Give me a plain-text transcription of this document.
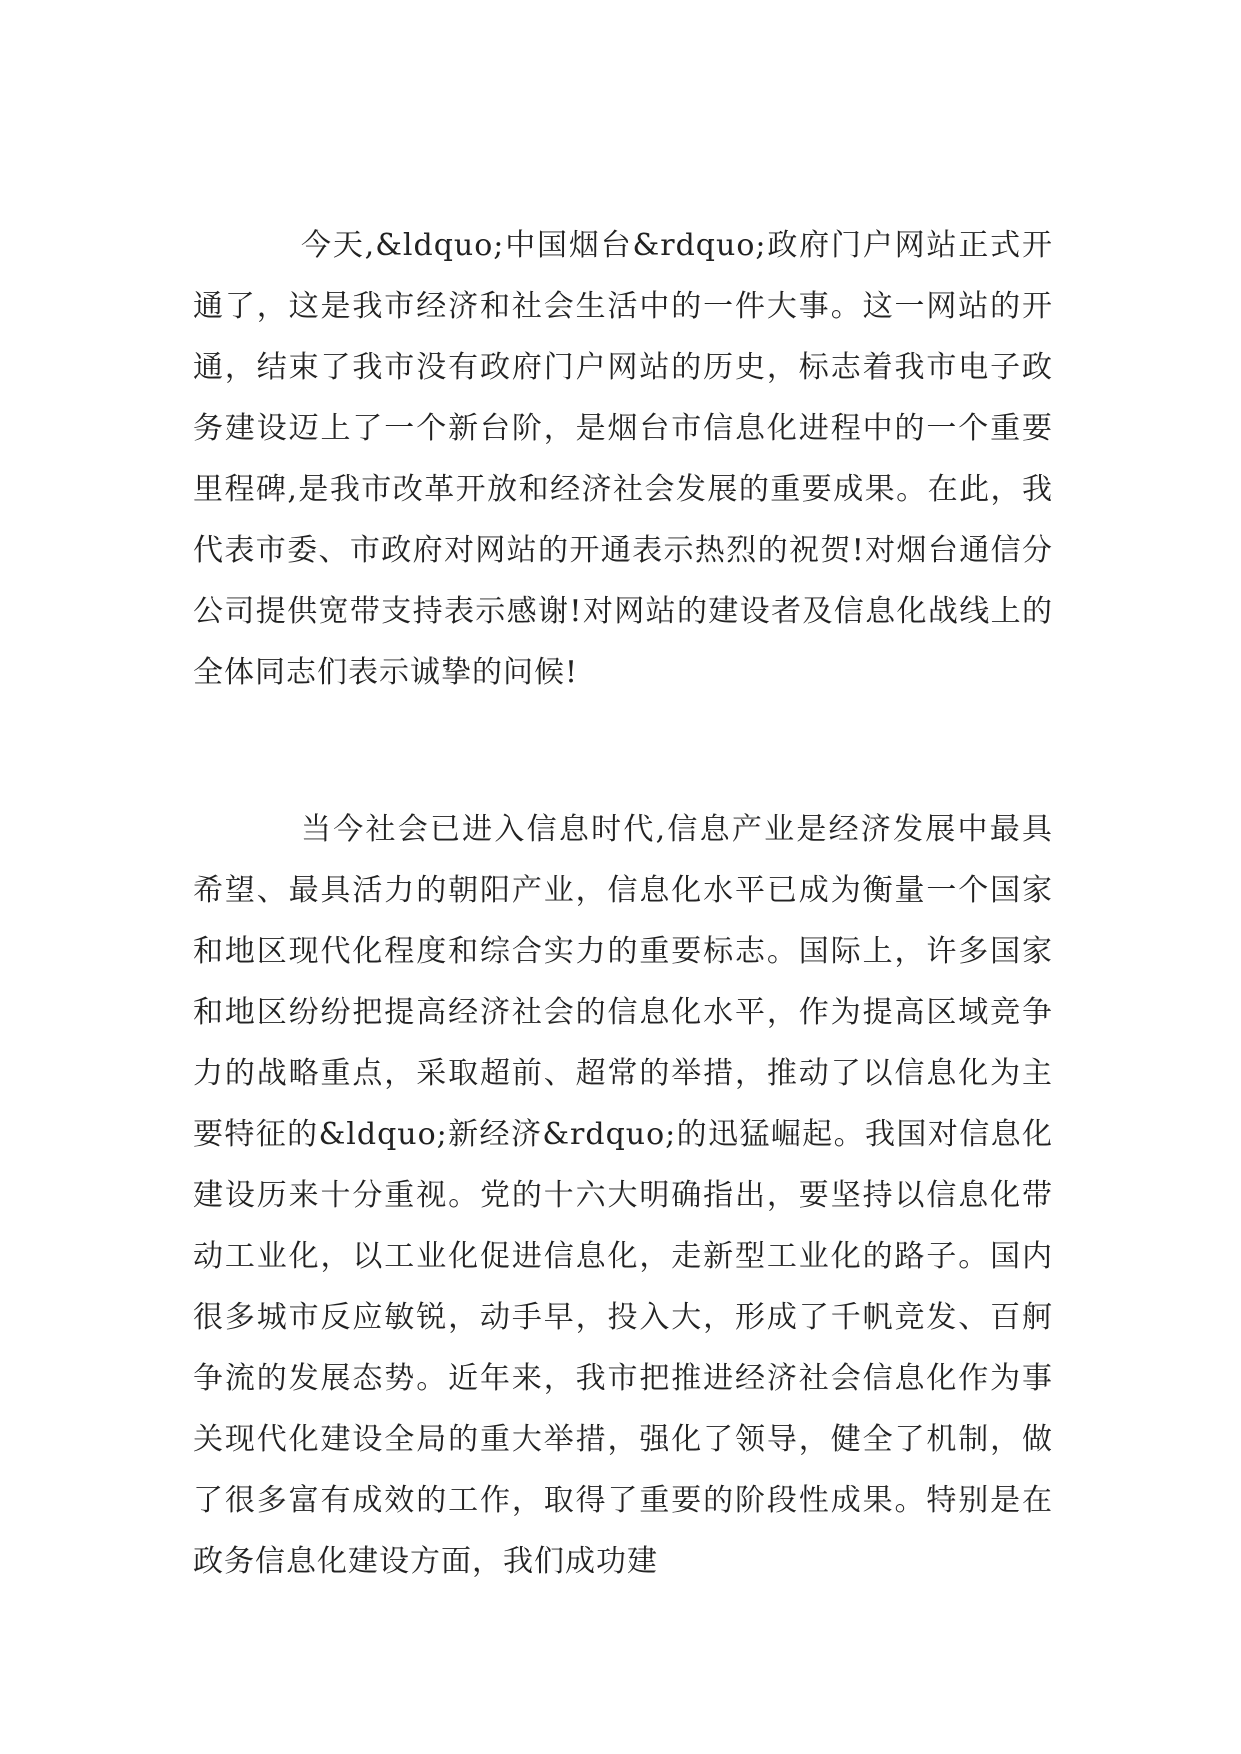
今天,&ldquo;中国烟台&rdquo;政府门户网站正式开通了，这是我市经济和社会生活中的一件大事。这一网站的开通，结束了我市没有政府门户网站的历史，标志着我市电子政务建设迈上了一个新台阶，是烟台市信息化进程中的一个重要里程碑,是我市改革开放和经济社会发展的重要成果。在此，我代表市委、市政府对网站的开通表示热烈的祝贺!对烟台通信分公司提供宽带支持表示感谢!对网站的建设者及信息化战线上的全体同志们表示诚挚的问候!

当今社会已进入信息时代,信息产业是经济发展中最具希望、最具活力的朝阳产业，信息化水平已成为衡量一个国家和地区现代化程度和综合实力的重要标志。国际上，许多国家和地区纷纷把提高经济社会的信息化水平，作为提高区域竞争力的战略重点，采取超前、超常的举措，推动了以信息化为主要特征的&ldquo;新经济&rdquo;的迅猛崛起。我国对信息化建设历来十分重视。党的十六大明确指出，要坚持以信息化带动工业化，以工业化促进信息化，走新型工业化的路子。国内很多城市反应敏锐，动手早，投入大，形成了千帆竞发、百舸争流的发展态势。近年来，我市把推进经济社会信息化作为事关现代化建设全局的重大举措，强化了领导，健全了机制，做了很多富有成效的工作，取得了重要的阶段性成果。特别是在政务信息化建设方面，我们成功建
